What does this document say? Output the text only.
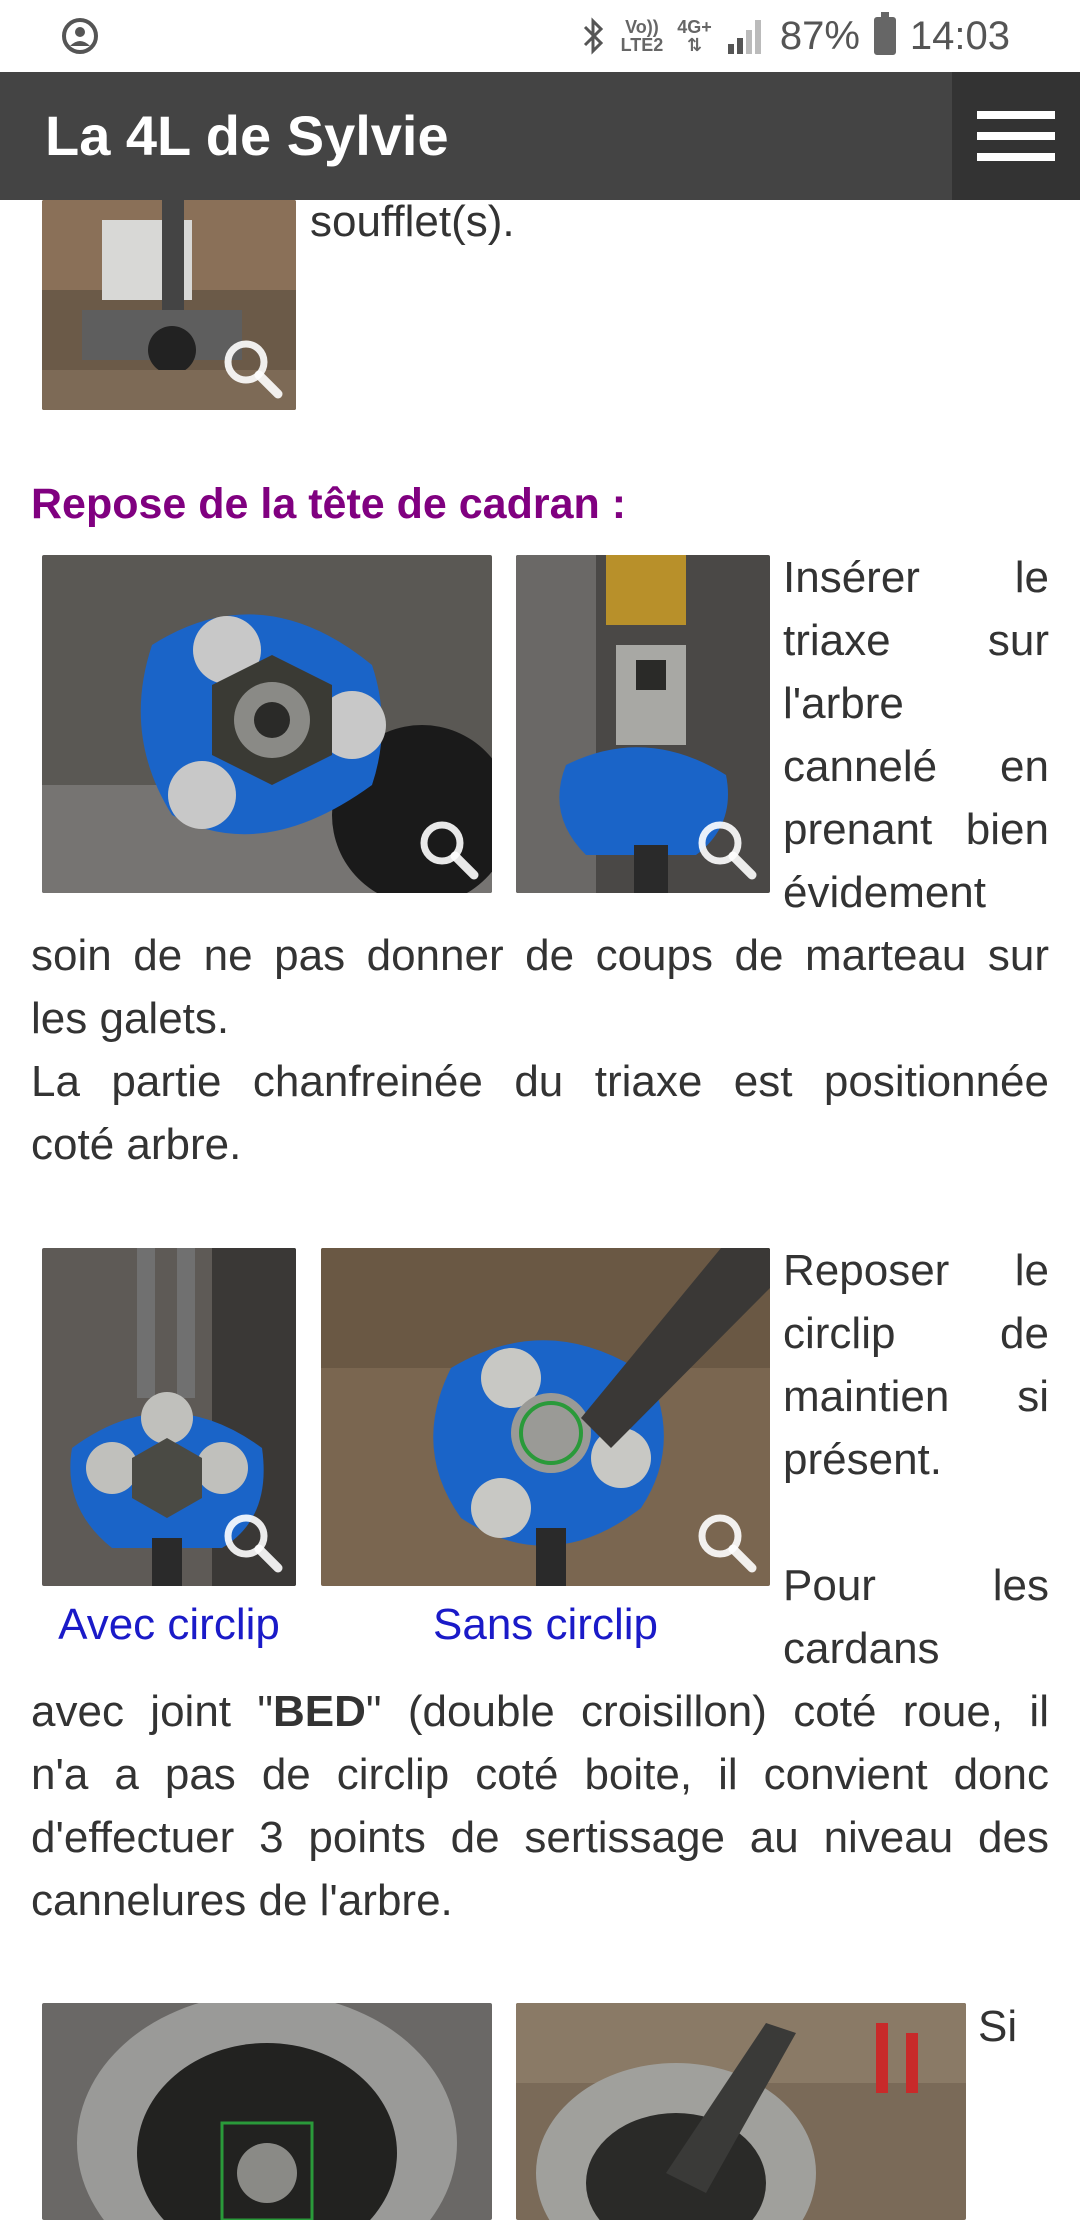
Vo))
LTE2
4G+
⇅ 87% 14:03
La 4L de Sylvie
soufflet(s).
Repose de la tête de cadran :
Insérer le
triaxe sur
l'arbre
cannelé en
prenant bien
évidement
soin de ne pas donner de coups de marteau sur
les galets.
La partie chanfreinée du triaxe est positionnée
coté arbre.
Avec circlip	Sans circlip
Reposer le
circlip de
maintien si
présent.
Pour les
cardans
avec joint "BED" (double croisillon) coté roue, il
n'a a pas de circlip coté boite, il convient donc
d'effectuer 3 points de sertissage au niveau des
cannelures de l'arbre.
Si
